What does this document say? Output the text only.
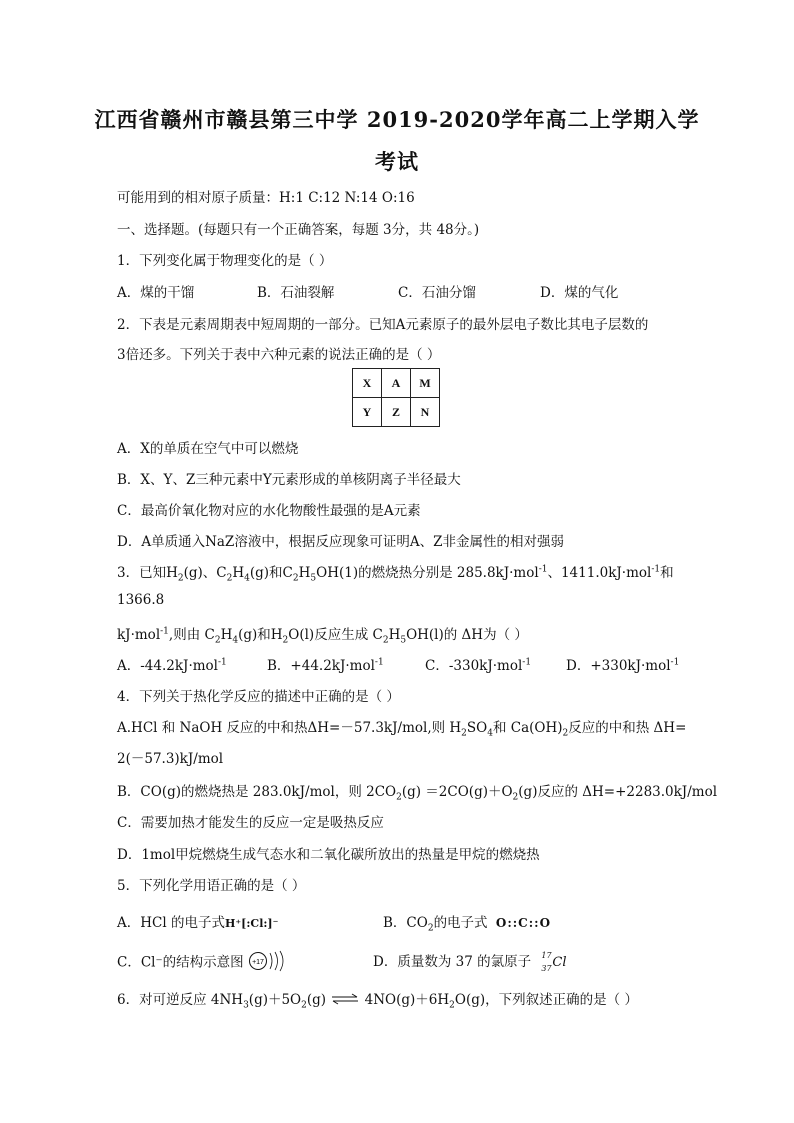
江西省赣州市赣县第三中学 2019-2020学年高二上学期入学
考试
可能用到的相对原子质量：H:1 C:12 N:14 O:16
一、选择题。(每题只有一个正确答案，每题 3分，共 48分。)
1．下列变化属于物理变化的是（ ）
A．煤的干馏	B．石油裂解	C．石油分馏	D．煤的气化
2．下表是元素周期表中短周期的一部分。已知A元素原子的最外层电子数比其电子层数的
3倍还多。下列关于表中六种元素的说法正确的是（ ）
X	A	M
Y	Z	N
A．X的单质在空气中可以燃烧
B．X、Y、Z三种元素中Y元素形成的单核阴离子半径最大
C．最高价氧化物对应的水化物酸性最强的是A元素
D．A单质通入NaZ溶液中，根据反应现象可证明A、Z非金属性的相对强弱
3．已知$H_2(g)$、$C_2H_4(g)$和$C_2H_5OH(1)$的燃烧热分别是 285.8kJ·mol$^{-1}$、1411.0kJ·mol$^{-1}$和
1366.8
kJ·mol$^{-1}$,则由 $C_2H_4(g)$和$H_2O(l)$反应生成 $C_2H_5OH(l)$的 ΔH为（ ）
A．-44.2kJ·mol$^{-1}$	B．+44.2kJ·mol$^{-1}$	C．-330kJ·mol$^{-1}$	D．+330kJ·mol$^{-1}$
4．下列关于热化学反应的描述中正确的是（ ）
A.HCl 和 NaOH 反应的中和热ΔH=－57.3kJ/mol,则 $H_2SO_4$和 $Ca(OH)_2$反应的中和热 ΔH=
2(－57.3)kJ/mol
B．CO(g)的燃烧热是 283.0kJ/mol，则 $2CO_2(g) =2CO(g)+O_2(g)$反应的 ΔH=+2283.0kJ/mol
C．需要加热才能发生的反应一定是吸热反应
D．1mol甲烷燃烧生成气态水和二氧化碳所放出的热量是甲烷的燃烧热
5．下列化学用语正确的是（ ）
A．HCl 的电子式H⁺[:Cl:]⁻	B．$CO_2$的电子式 O::C::O
C．Cl⁻的结构示意图 +17	D．质量数为 37 的氯原子 17
37 Cl
6．对可逆反应 $4NH_3(g)+5O_2(g)$ ⇌ $4NO(g)+6H_2O(g)$，下列叙述正确的是（ ）
